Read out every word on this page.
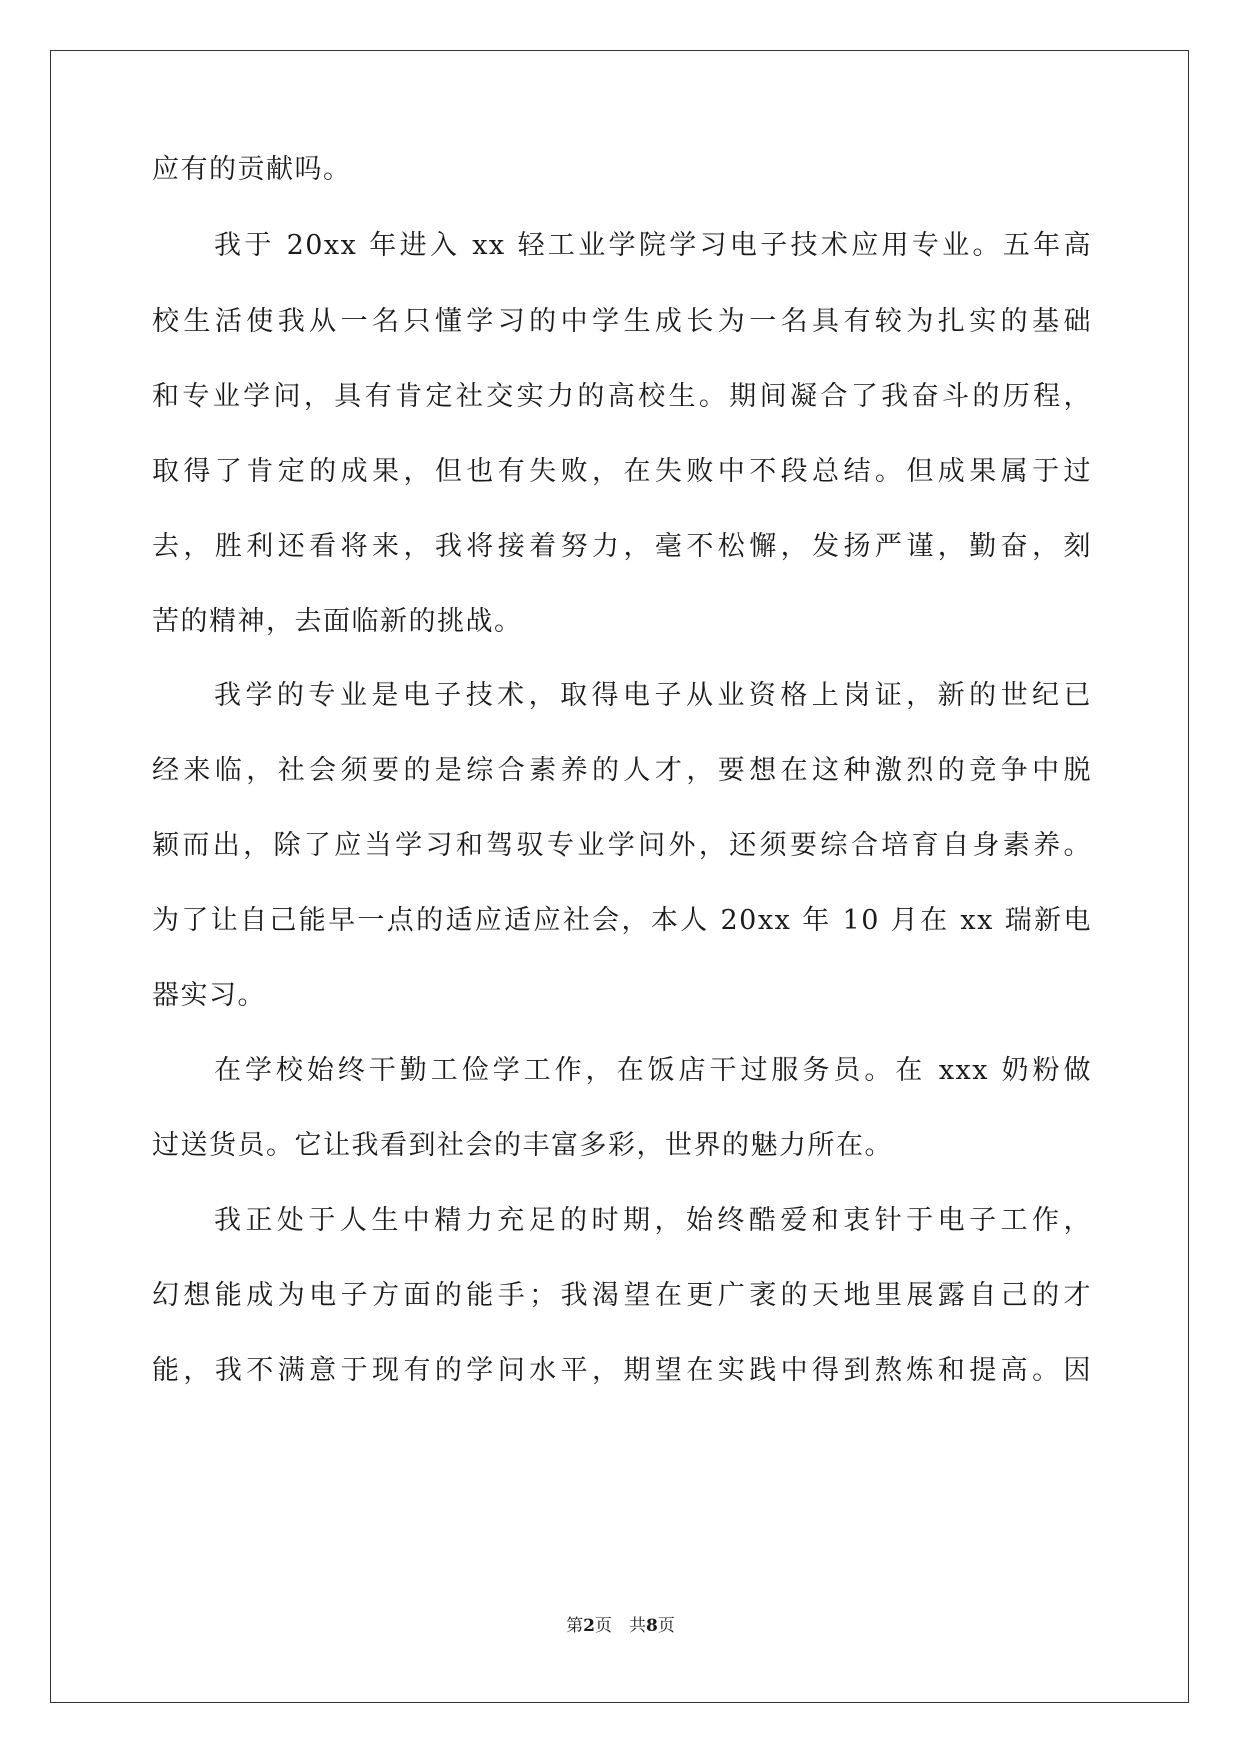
应有的贡献吗。
我于 20xx 年进入 xx 轻工业学院学习电子技术应用专业。五年高
校生活使我从一名只懂学习的中学生成长为一名具有较为扎实的基础
和专业学问，具有肯定社交实力的高校生。期间凝合了我奋斗的历程，
取得了肯定的成果，但也有失败，在失败中不段总结。但成果属于过
去，胜利还看将来，我将接着努力，毫不松懈，发扬严谨，勤奋，刻
苦的精神，去面临新的挑战。
我学的专业是电子技术，取得电子从业资格上岗证，新的世纪已
经来临，社会须要的是综合素养的人才，要想在这种激烈的竞争中脱
颖而出，除了应当学习和驾驭专业学问外，还须要综合培育自身素养。
为了让自己能早一点的适应适应社会，本人 20xx 年 10 月在 xx 瑞新电
器实习。
在学校始终干勤工俭学工作，在饭店干过服务员。在 xxx 奶粉做
过送货员。它让我看到社会的丰富多彩，世界的魅力所在。
我正处于人生中精力充足的时期，始终酷爱和衷针于电子工作，
幻想能成为电子方面的能手；我渴望在更广袤的天地里展露自己的才
能，我不满意于现有的学问水平，期望在实践中得到熬炼和提高。因
第2页　共8页
